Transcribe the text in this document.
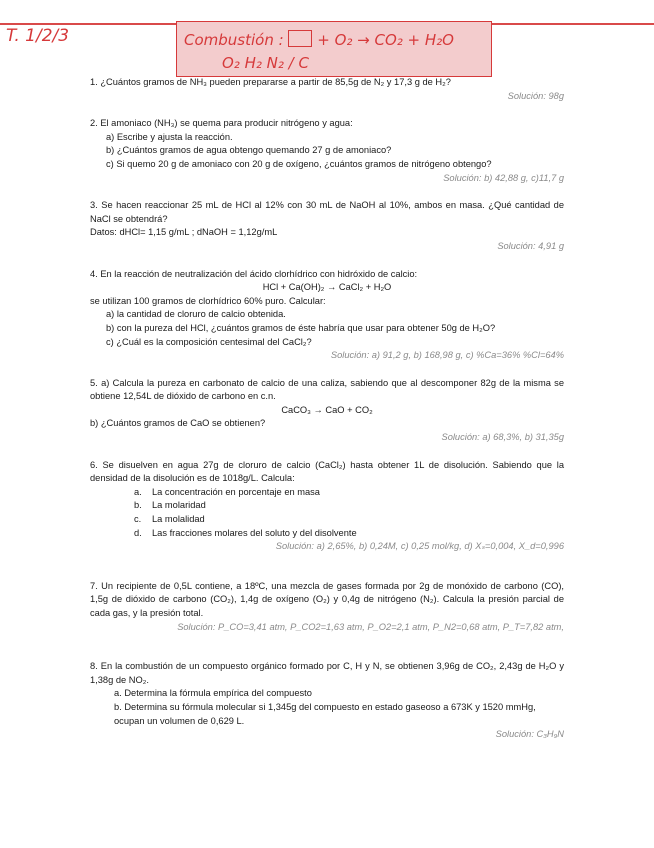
T. 1/2/3	Combustión : + O₂ → CO₂ + H₂O
O₂ H₂ N₂ / C

1. ¿Cuántos gramos de NH₃ pueden prepararse a partir de 85,5g de N₂ y 17,3 g de H₂?

Solución: 98g

2. El amoniaco (NH₃) se quema para producir nitrógeno y agua:

a) Escribe y ajusta la reacción.

b) ¿Cuántos gramos de agua obtengo quemando 27 g de amoniaco?

c) Si quemo 20 g de amoniaco con 20 g de oxígeno, ¿cuántos gramos de nitrógeno obtengo?

Solución: b) 42,88 g, c)11,7 g

3. Se hacen reaccionar 25 mL de HCl al 12% con 30 mL de NaOH al 10%, ambos en masa. ¿Qué cantidad de NaCl se obtendrá?

Datos: dHCl= 1,15 g/mL ; dNaOH = 1,12g/mL

Solución: 4,91 g

4. En la reacción de neutralización del ácido clorhídrico con hidróxido de calcio:

HCl + Ca(OH)₂ → CaCl₂ + H₂O

se utilizan 100 gramos de clorhídrico 60% puro. Calcular:

a) la cantidad de cloruro de calcio obtenida.

b) con la pureza del HCl, ¿cuántos gramos de éste habría que usar para obtener 50g de H₂O?

c) ¿Cuál es la composición centesimal del CaCl₂?

Solución: a) 91,2 g, b) 168,98 g, c) %Ca=36% %Cl=64%

5. a) Calcula la pureza en carbonato de calcio de una caliza, sabiendo que al descomponer 82g de la misma se obtiene 12,54L de dióxido de carbono en c.n.

CaCO₃ → CaO + CO₂

b) ¿Cuántos gramos de CaO se obtienen?

Solución: a) 68,3%, b) 31,35g

6. Se disuelven en agua 27g de cloruro de calcio (CaCl₂) hasta obtener 1L de disolución. Sabiendo que la densidad de la disolución es de 1018g/L. Calcula:

a.	La concentración en porcentaje en masa
b.	La molaridad
c.	La molalidad
d.	Las fracciones molares del soluto y del disolvente

Solución: a) 2,65%, b) 0,24M, c) 0,25 mol/kg, d) Xₛ=0,004, X_d=0,996

7. Un recipiente de 0,5L contiene, a 18ºC, una mezcla de gases formada por 2g de monóxido de carbono (CO), 1,5g de dióxido de carbono (CO₂), 1,4g de oxígeno (O₂) y 0,4g de nitrógeno (N₂). Calcula la presión parcial de cada gas, y la presión total.

Solución: P_CO=3,41 atm, P_CO2=1,63 atm, P_O2=2,1 atm, P_N2=0,68 atm, P_T=7,82 atm,

8. En la combustión de un compuesto orgánico formado por C, H y N, se obtienen 3,96g de CO₂, 2,43g de H₂O y 1,38g de NO₂.

a. Determina la fórmula empírica del compuesto

b. Determina su fórmula molecular si 1,345g del compuesto en estado gaseoso a 673K y 1520 mmHg, ocupan un volumen de 0,629 L.

Solución: C₃H₉N
